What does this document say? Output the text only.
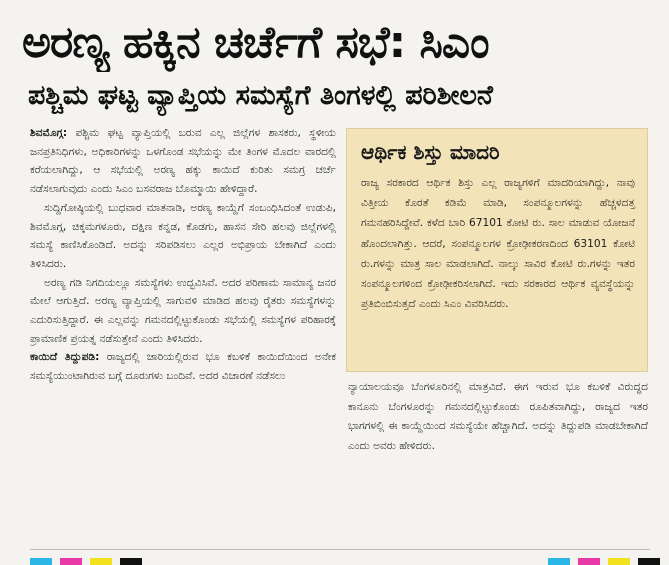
ಅರಣ್ಯ ಹಕ್ಕಿನ ಚರ್ಚೆಗೆ ಸಭೆ: ಸಿಎಂ
ಪಶ್ಚಿಮ ಘಟ್ಟ ವ್ಯಾಪ್ತಿಯ ಸಮಸ್ಯೆಗೆ ತಿಂಗಳಲ್ಲಿ ಪರಿಶೀಲನೆ

ಶಿವಮೊಗ್ಗ: ಪಶ್ಚಿಮ ಘಟ್ಟ ವ್ಯಾಪ್ತಿಯಲ್ಲಿ ಬರುವ ಎಲ್ಲ ಜಿಲ್ಲೆಗಳ ಶಾಸಕರು, ಸ್ಥಳೀಯ ಜನಪ್ರತಿನಿಧಿಗಳು, ಅಧಿಕಾರಿಗಳನ್ನು ಒಳಗೊಂಡ ಸಭೆಯನ್ನು ಮೇ ತಿಂಗಳ ಮೊದಲ ವಾರದಲ್ಲಿ ಕರೆಯಲಾಗಿದ್ದು, ಆ ಸಭೆಯಲ್ಲಿ ಅರಣ್ಯ ಹಕ್ಕು ಕಾಯಿದೆ ಕುರಿತು ಸಮಗ್ರ ಚರ್ಚೆ ನಡೆಸಲಾಗುವುದು ಎಂದು ಸಿಎಂ ಬಸವರಾಜ ಬೊಮ್ಮಾಯಿ ಹೇಳಿದ್ದಾರೆ.

ಸುದ್ದಿಗೋಷ್ಠಿಯಲ್ಲಿ ಬುಧವಾರ ಮಾತನಾಡಿ, ಅರಣ್ಯ ಕಾಯ್ದೆಗೆ ಸಂಬಂಧಿಸಿದಂತೆ ಉಡುಪಿ, ಶಿವಮೊಗ್ಗ, ಚಿಕ್ಕಮಗಳೂರು, ದಕ್ಷಿಣ ಕನ್ನಡ, ಕೊಡಗು, ಹಾಸನ ಸೇರಿ ಹಲವು ಜಿಲ್ಲೆಗಳಲ್ಲಿ ಸಮಸ್ಯೆ ಕಾಣಿಸಿಕೊಂಡಿದೆ. ಅದನ್ನು ಸರಿಪಡಿಸಲು ಎಲ್ಲರ ಅಭಿಪ್ರಾಯ ಬೇಕಾಗಿದೆ ಎಂದು ತಿಳಿಸಿದರು.

ಅರಣ್ಯ ಗಡಿ ನಿಗದಿಯಲ್ಲೂ ಸಮಸ್ಯೆಗಳು ಉದ್ಭವಿಸಿವೆ. ಅದರ ಪರಿಣಾಮ ಸಾಮಾನ್ಯ ಜನರ ಮೇಲೆ ಆಗುತ್ತಿದೆ. ಅರಣ್ಯ ವ್ಯಾಪ್ತಿಯಲ್ಲಿ ಸಾಗುವಳಿ ಮಾಡಿದ ಹಲವು ರೈತರು ಸಮಸ್ಯೆಗಳನ್ನು ಎದುರಿಸುತ್ತಿದ್ದಾರೆ. ಈ ಎಲ್ಲವನ್ನು ಗಮನದಲ್ಲಿಟ್ಟುಕೊಂಡು ಸಭೆಯಲ್ಲಿ ಸಮಸ್ಯೆಗಳ ಪರಿಹಾರಕ್ಕೆ ಪ್ರಾಮಾಣಿಕ ಪ್ರಯತ್ನ ನಡೆಸುತ್ತೇನೆ ಎಂದು ತಿಳಿಸಿದರು.

ಕಾಯಿದೆ ತಿದ್ದುಪಡಿ: ರಾಜ್ಯದಲ್ಲಿ ಜಾರಿಯಲ್ಲಿರುವ ಭೂ ಕಬಳಿಕೆ ಕಾಯಿದೆಯಿಂದ ಅನೇಕ ಸಮಸ್ಯೆಯುಂಟಾಗಿರುವ ಬಗ್ಗೆ ದೂರುಗಳು ಬಂದಿವೆ. ಅದರ ವಿಚಾರಣೆ ನಡೆಸಲು

ಆರ್ಥಿಕ ಶಿಸ್ತು ಮಾದರಿ

ರಾಜ್ಯ ಸರಕಾರದ ಆರ್ಥಿಕ ಶಿಸ್ತು ಎಲ್ಲ ರಾಜ್ಯಗಳಿಗೆ ಮಾದರಿಯಾಗಿದ್ದು, ನಾವು ವಿತ್ತೀಯ ಕೊರತೆ ಕಡಿಮೆ ಮಾಡಿ, ಸಂಪನ್ಮೂಲಗಳನ್ನು ಹೆಚ್ಚಳದತ್ತ ಗಮನಹರಿಸಿದ್ದೇವೆ. ಕಳೆದ ಬಾರಿ 67101 ಕೋಟಿ ರು. ಸಾಲ ಮಾಡುವ ಯೋಜನೆ ಹೊಂದಲಾಗಿತ್ತು. ಆದರೆ, ಸಂಪನ್ಮೂಲಗಳ ಕ್ರೋಢೀಕರಣದಿಂದ 63101 ಕೋಟಿ ರು.ಗಳನ್ನು ಮಾತ್ರ ಸಾಲ ಮಾಡಲಾಗಿದೆ. ನಾಲ್ಕು ಸಾವಿರ ಕೋಟಿ ರು.ಗಳನ್ನು ಇತರ ಸಂಪನ್ಮೂಲಗಳಿಂದ ಕ್ರೋಢೀಕರಿಸಲಾಗಿದೆ. ಇದು ಸರಕಾರದ ಆರ್ಥಿಕ ವ್ಯವಸ್ಥೆಯನ್ನು ಪ್ರತಿಬಿಂಬಿಸುತ್ತದೆ ಎಂದು ಸಿಎಂ ವಿವರಿಸಿದರು.

ನ್ಯಾಯಾಲಯವೂ ಬೆಂಗಳೂರಿನಲ್ಲಿ ಮಾತ್ರವಿದೆ. ಈಗ ಇರುವ ಭೂ ಕಬಳಿಕೆ ವಿರುದ್ಧದ ಕಾನೂನು ಬೆಂಗಳೂರನ್ನು ಗಮನದಲ್ಲಿಟ್ಟುಕೊಂಡು ರೂಪಿತವಾಗಿದ್ದು, ರಾಜ್ಯದ ಇತರ ಭಾಗಗಳಲ್ಲಿ ಈ ಕಾಯ್ದೆಯಿಂದ ಸಮಸ್ಯೆಯೇ ಹೆಚ್ಚಾಗಿದೆ. ಅದನ್ನು ತಿದ್ದುಪಡಿ ಮಾಡಬೇಕಾಗಿದೆ ಎಂದು ಅವರು ಹೇಳಿದರು.
